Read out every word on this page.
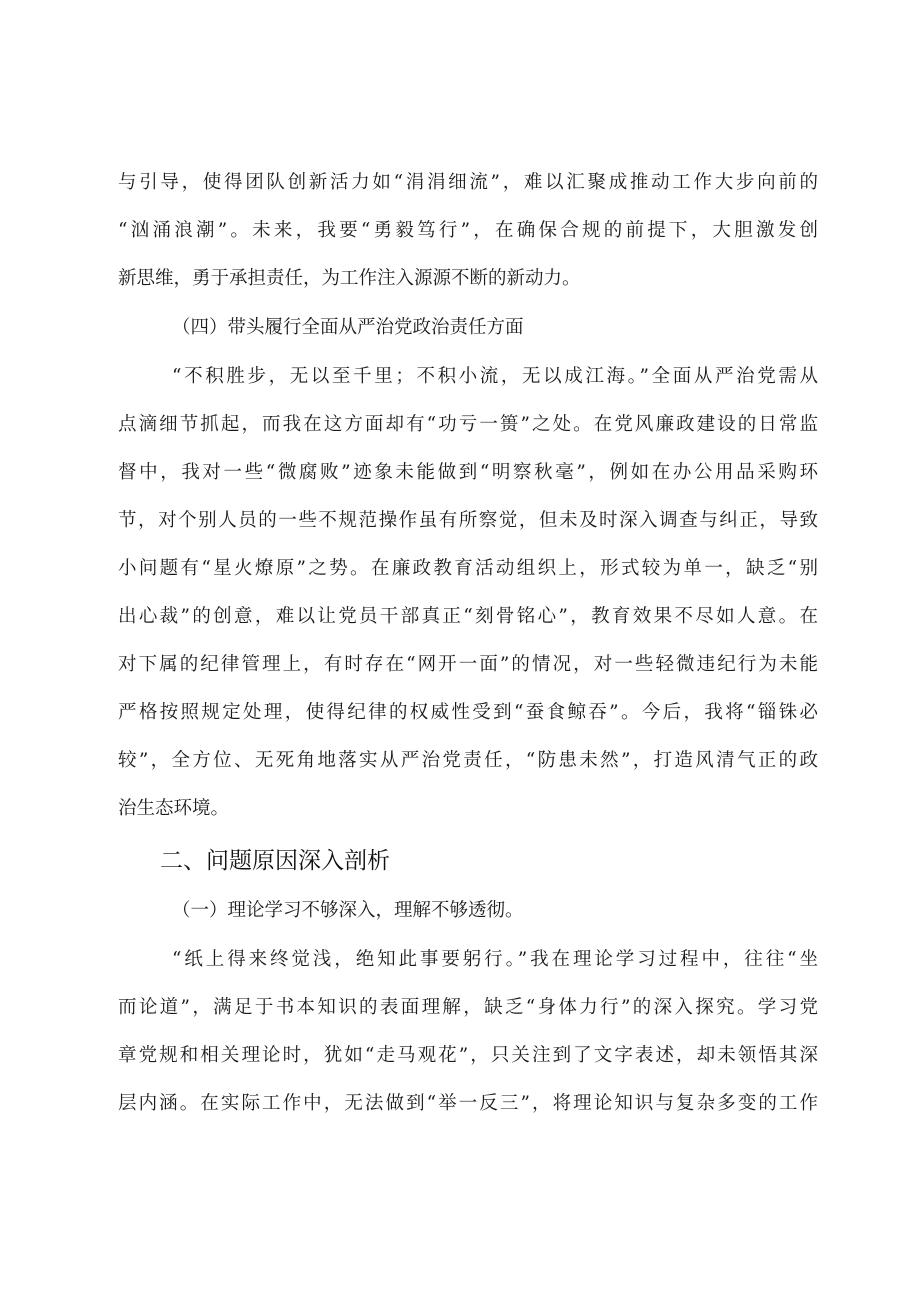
与引导，使得团队创新活力如“涓涓细流”，难以汇聚成推动工作大步向前的
“汹涌浪潮”。未来，我要“勇毅笃行”，在确保合规的前提下，大胆激发创
新思维，勇于承担责任，为工作注入源源不断的新动力。
（四）带头履行全面从严治党政治责任方面
“不积胜步，无以至千里；不积小流，无以成江海。”全面从严治党需从
点滴细节抓起，而我在这方面却有“功亏一篑”之处。在党风廉政建设的日常监
督中，我对一些“微腐败”迹象未能做到“明察秋毫”，例如在办公用品采购环
节，对个别人员的一些不规范操作虽有所察觉，但未及时深入调查与纠正，导致
小问题有“星火燎原”之势。在廉政教育活动组织上，形式较为单一，缺乏“别
出心裁”的创意，难以让党员干部真正“刻骨铭心”，教育效果不尽如人意。在
对下属的纪律管理上，有时存在“网开一面”的情况，对一些轻微违纪行为未能
严格按照规定处理，使得纪律的权威性受到“蚕食鲸吞”。今后，我将“锱铢必
较”，全方位、无死角地落实从严治党责任，“防患未然”，打造风清气正的政
治生态环境。
二、问题原因深入剖析
（一）理论学习不够深入，理解不够透彻。
“纸上得来终觉浅，绝知此事要躬行。”我在理论学习过程中，往往“坐
而论道”，满足于书本知识的表面理解，缺乏“身体力行”的深入探究。学习党
章党规和相关理论时，犹如“走马观花”，只关注到了文字表述，却未领悟其深
层内涵。在实际工作中，无法做到“举一反三”，将理论知识与复杂多变的工作
